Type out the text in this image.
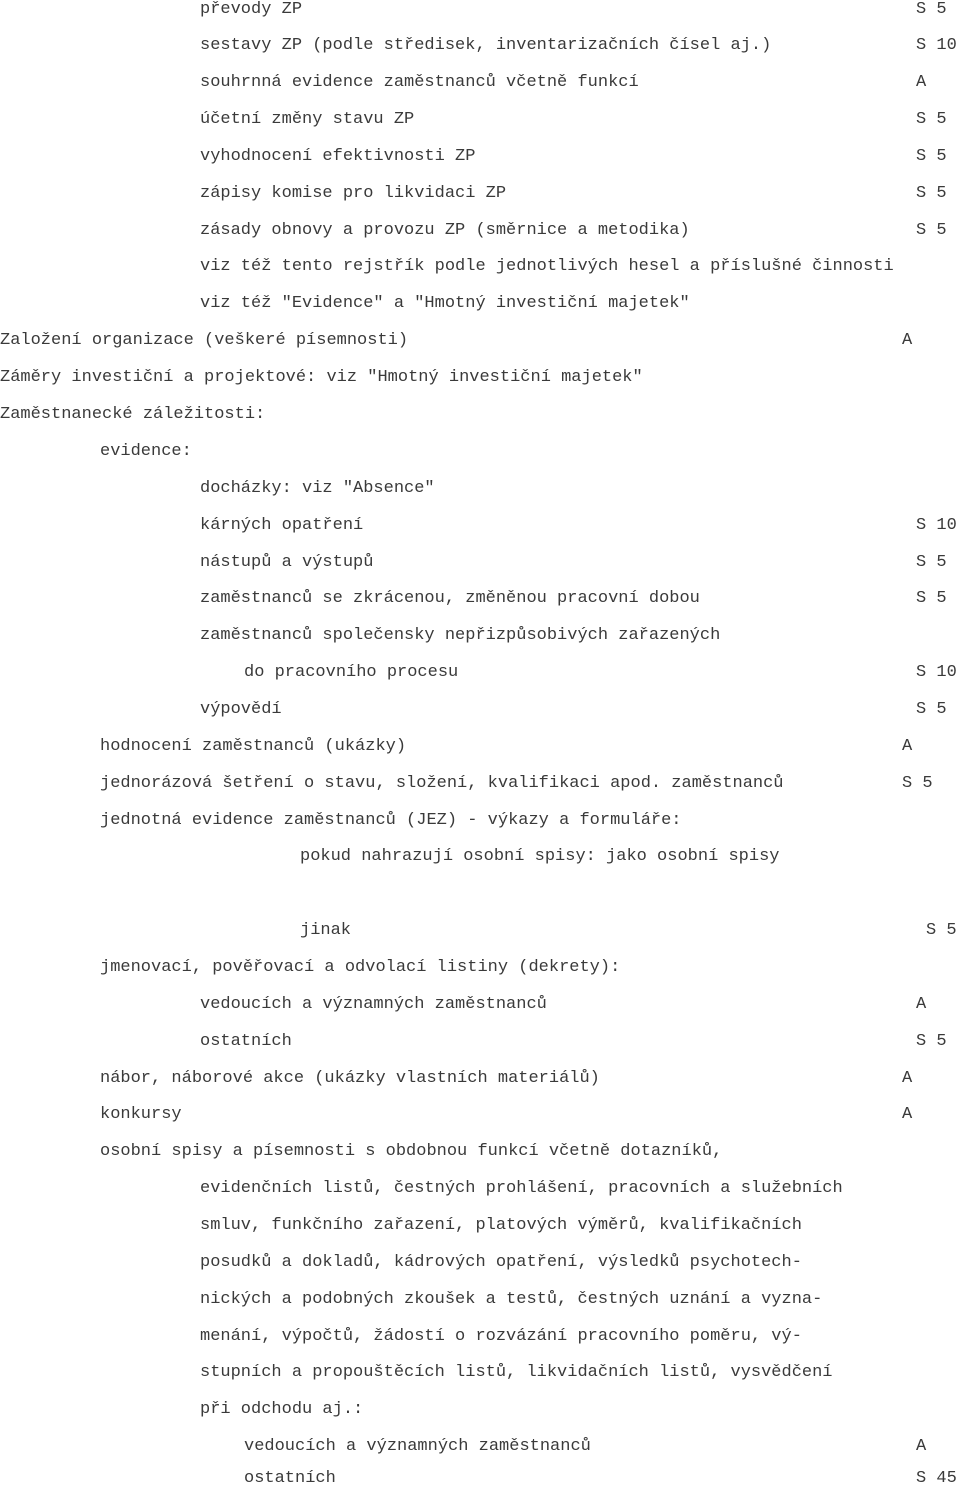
převody ZP	S 5
sestavy ZP (podle středisek, inventarizačních čísel aj.)	S 10
souhrnná evidence zaměstnanců včetně funkcí	A
účetní změny stavu ZP	S 5
vyhodnocení efektivnosti ZP	S 5
zápisy komise pro likvidaci ZP	S 5
zásady obnovy a provozu ZP (směrnice a metodika)	S 5
viz též tento rejstřík podle jednotlivých hesel a příslušné činnosti
viz též "Evidence" a "Hmotný investiční majetek"
Založení organizace (veškeré písemnosti)	A
Záměry investiční a projektové: viz "Hmotný investiční majetek"
Zaměstnanecké záležitosti:
evidence:
docházky: viz "Absence"
kárných opatření	S 10
nástupů a výstupů	S 5
zaměstnanců se zkrácenou, změněnou pracovní dobou	S 5
zaměstnanců společensky nepřizpůsobivých zařazených
do pracovního procesu	S 10
výpovědí	S 5
hodnocení zaměstnanců (ukázky)	A
jednorázová šetření o stavu, složení, kvalifikaci apod. zaměstnanců	S 5
jednotná evidence zaměstnanců (JEZ) - výkazy a formuláře:
pokud nahrazují osobní spisy: jako osobní spisy
jinak	S 5
jmenovací, pověřovací a odvolací listiny (dekrety):
vedoucích a významných zaměstnanců	A
ostatních	S 5
nábor, náborové akce (ukázky vlastních materiálů)	A
konkursy	A
osobní spisy a písemnosti s obdobnou funkcí včetně dotazníků,
evidenčních listů, čestných prohlášení, pracovních a služebních
smluv, funkčního zařazení, platových výměrů, kvalifikačních
posudků a dokladů, kádrových opatření, výsledků psychotech-
nických a podobných zkoušek a testů, čestných uznání a vyzna-
menání, výpočtů, žádostí o rozvázání pracovního poměru, vý-
stupních a propouštěcích listů, likvidačních listů, vysvědčení
při odchodu aj.:
vedoucích a významných zaměstnanců	A
ostatních	S 45
